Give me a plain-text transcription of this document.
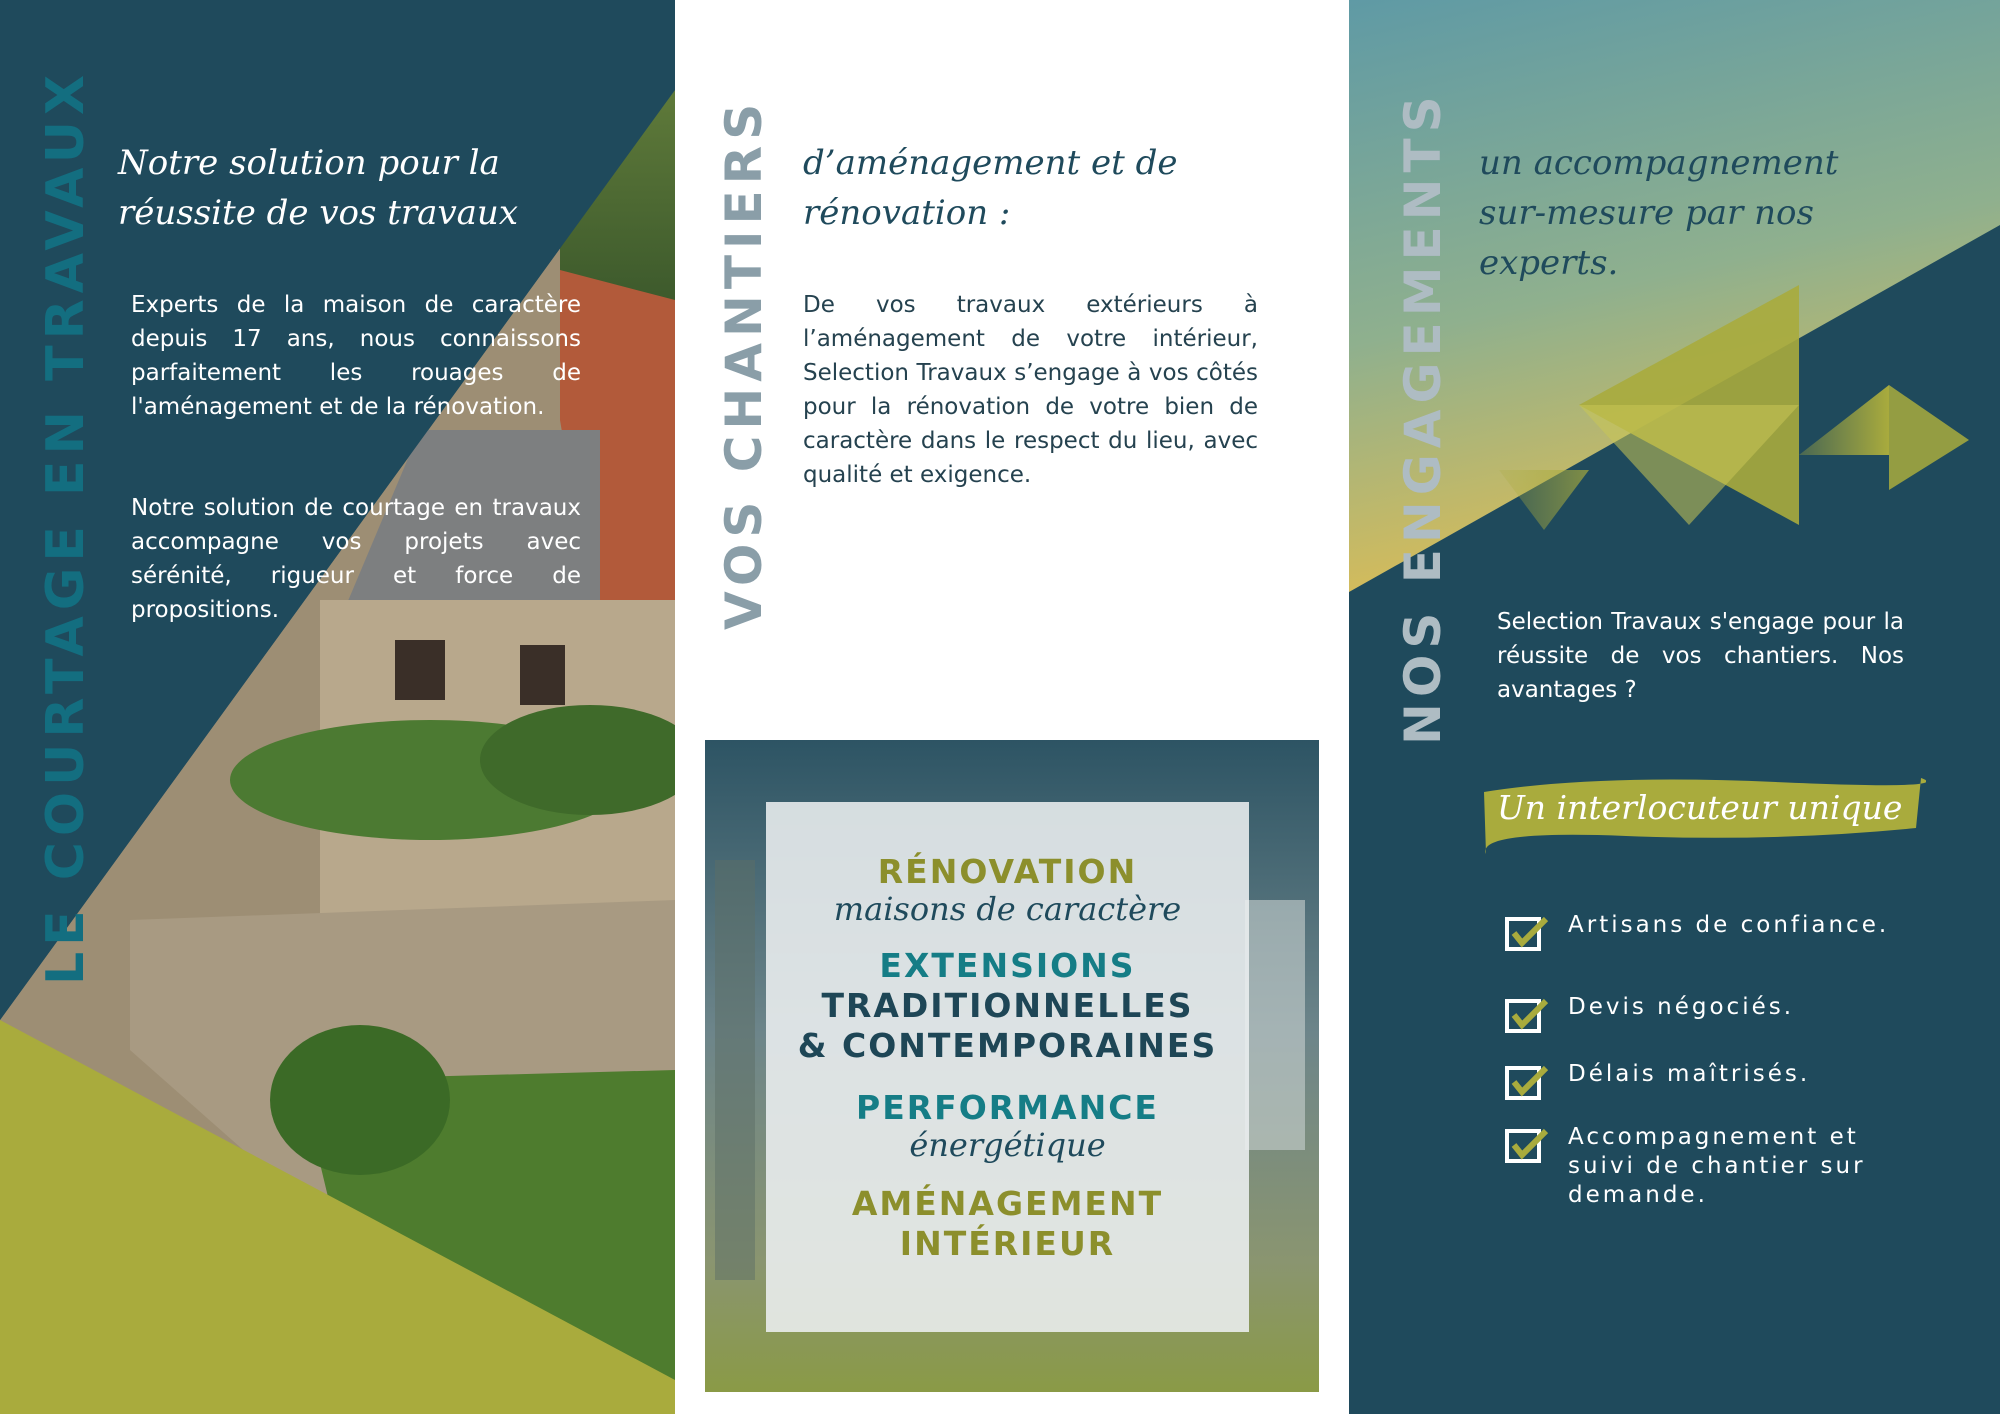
LE COURTAGE EN TRAVAUX Notre solution pour la
réussite de vos travaux

Experts de la maison de caractère depuis 17 ans, nous connaissons parfaitement les rouages de l'aménagement et de la rénovation.

Notre solution de courtage en travaux accompagne vos projets avec sérénité, rigueur et force de propositions.	VOS CHANTIERS d’aménagement et de
rénovation :

De vos travaux extérieurs à l’aménagement de votre intérieur, Selection Travaux s’engage à vos côtés pour la rénovation de votre bien de caractère dans le respect du lieu, avec qualité et exigence.

RÉNOVATION
maisons de caractère
EXTENSIONS
TRADITIONNELLES
& CONTEMPORAINES
PERFORMANCE
énergétique
AMÉNAGEMENT
INTÉRIEUR
NOS ENGAGEMENTS un accompagnement
sur-mesure par nos experts.

Selection Travaux s'engage pour la réussite de vos chantiers. Nos avantages ?

Un interlocuteur unique
Artisans de confiance.
Devis négociés.
Délais maîtrisés.
Accompagnement et suivi de chantier sur demande.
